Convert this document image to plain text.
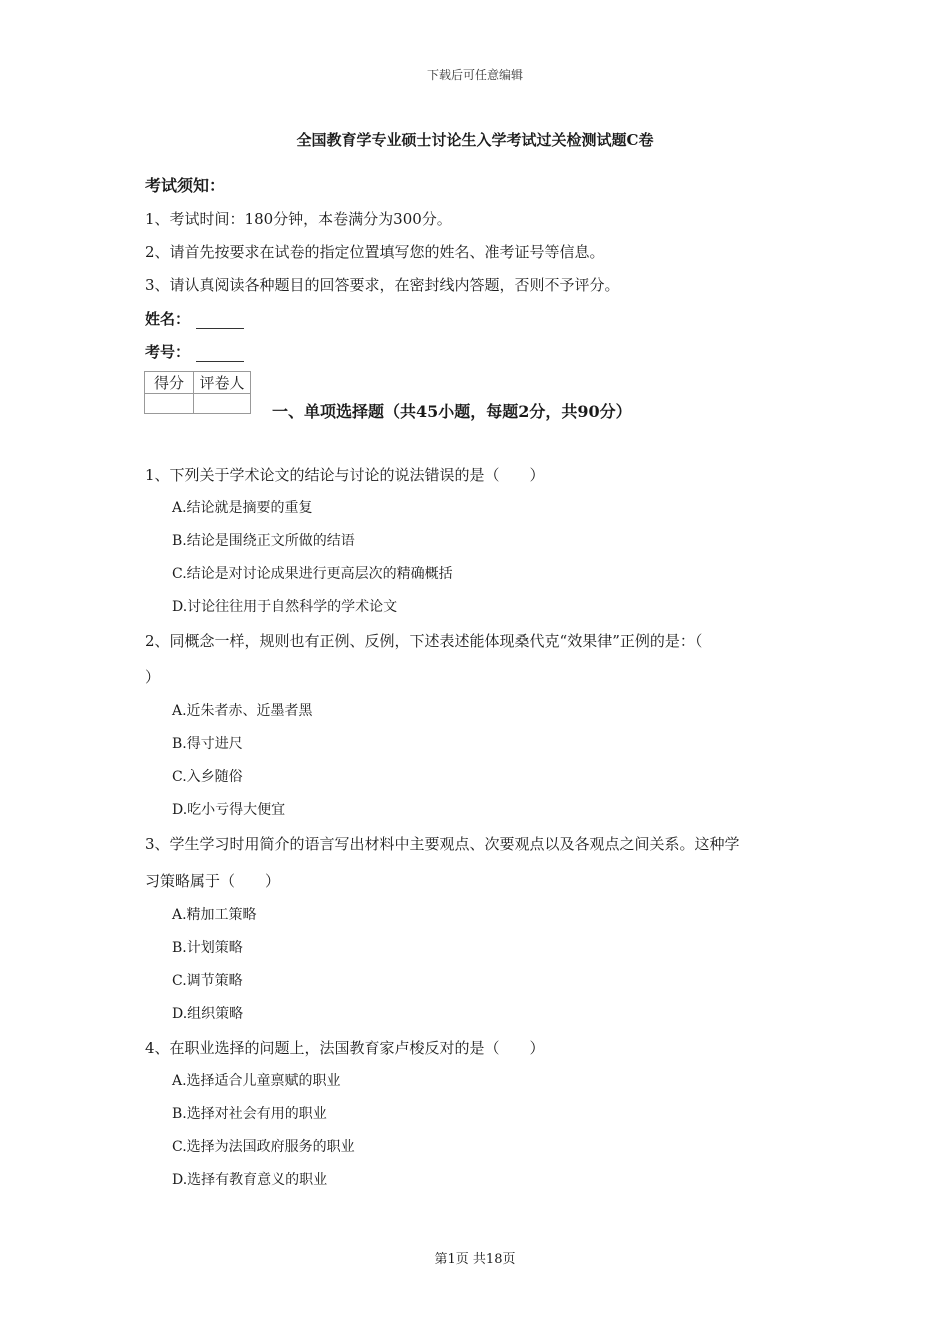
下载后可任意编辑
全国教育学专业硕士讨论生入学考试过关检测试题C卷
考试须知：
1、考试时间：180分钟，本卷满分为300分。
2、请首先按要求在试卷的指定位置填写您的姓名、准考证号等信息。
3、请认真阅读各种题目的回答要求，在密封线内答题，否则不予评分。
姓名：
考号：
得分	评卷人

一、单项选择题（共45小题，每题2分，共90分）
1、下列关于学术论文的结论与讨论的说法错误的是（　　）
A.结论就是摘要的重复
B.结论是围绕正文所做的结语
C.结论是对讨论成果进行更高层次的精确概括
D.讨论往往用于自然科学的学术论文
2、同概念一样，规则也有正例、反例，下述表述能体现桑代克“效果律”正例的是：（
）
A.近朱者赤、近墨者黑
B.得寸进尺
C.入乡随俗
D.吃小亏得大便宜
3、学生学习时用简介的语言写出材料中主要观点、次要观点以及各观点之间关系。这种学
习策略属于（　　）
A.精加工策略
B.计划策略
C.调节策略
D.组织策略
4、在职业选择的问题上，法国教育家卢梭反对的是（　　）
A.选择适合儿童禀赋的职业
B.选择对社会有用的职业
C.选择为法国政府服务的职业
D.选择有教育意义的职业
第1页 共18页
